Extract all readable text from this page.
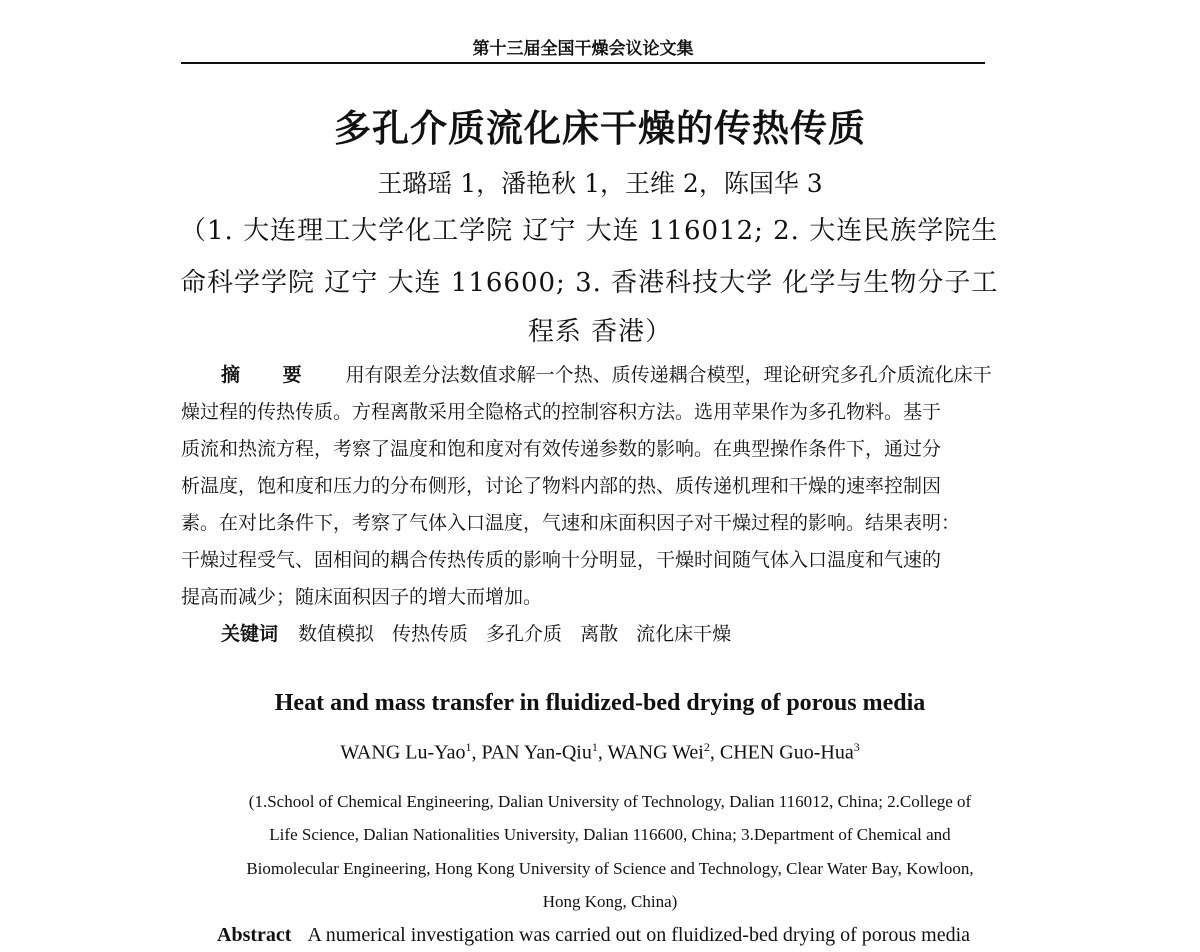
第十三届全国干燥会议论文集
多孔介质流化床干燥的传热传质
王璐瑶 1，潘艳秋 1，王维 2，陈国华 3
（1. 大连理工大学化工学院 辽宁 大连 116012; 2. 大连民族学院生
命科学学院 辽宁 大连 116600; 3. 香港科技大学 化学与生物分子工
程系 香港）
摘 要 用有限差分法数值求解一个热、质传递耦合模型，理论研究多孔介质流化床干
燥过程的传热传质。方程离散采用全隐格式的控制容积方法。选用苹果作为多孔物料。基于
质流和热流方程，考察了温度和饱和度对有效传递参数的影响。在典型操作条件下，通过分
析温度，饱和度和压力的分布侧形，讨论了物料内部的热、质传递机理和干燥的速率控制因
素。在对比条件下，考察了气体入口温度，气速和床面积因子对干燥过程的影响。结果表明：
干燥过程受气、固相间的耦合传热传质的影响十分明显，干燥时间随气体入口温度和气速的
提高而减少；随床面积因子的增大而增加。
关键词 数值模拟 传热传质 多孔介质 离散 流化床干燥
Heat and mass transfer in fluidized-bed drying of porous media
WANG Lu-Yao$^1$, PAN Yan-Qiu$^1$, WANG Wei$^2$, CHEN Guo-Hua$^3$
(1.School of Chemical Engineering, Dalian University of Technology, Dalian 116012, China; 2.College of
Life Science, Dalian Nationalities University, Dalian 116600, China; 3.Department of Chemical and
Biomolecular Engineering, Hong Kong University of Science and Technology, Clear Water Bay, Kowloon,
Hong Kong, China)
Abstract A numerical investigation was carried out on fluidized-bed drying of porous media
